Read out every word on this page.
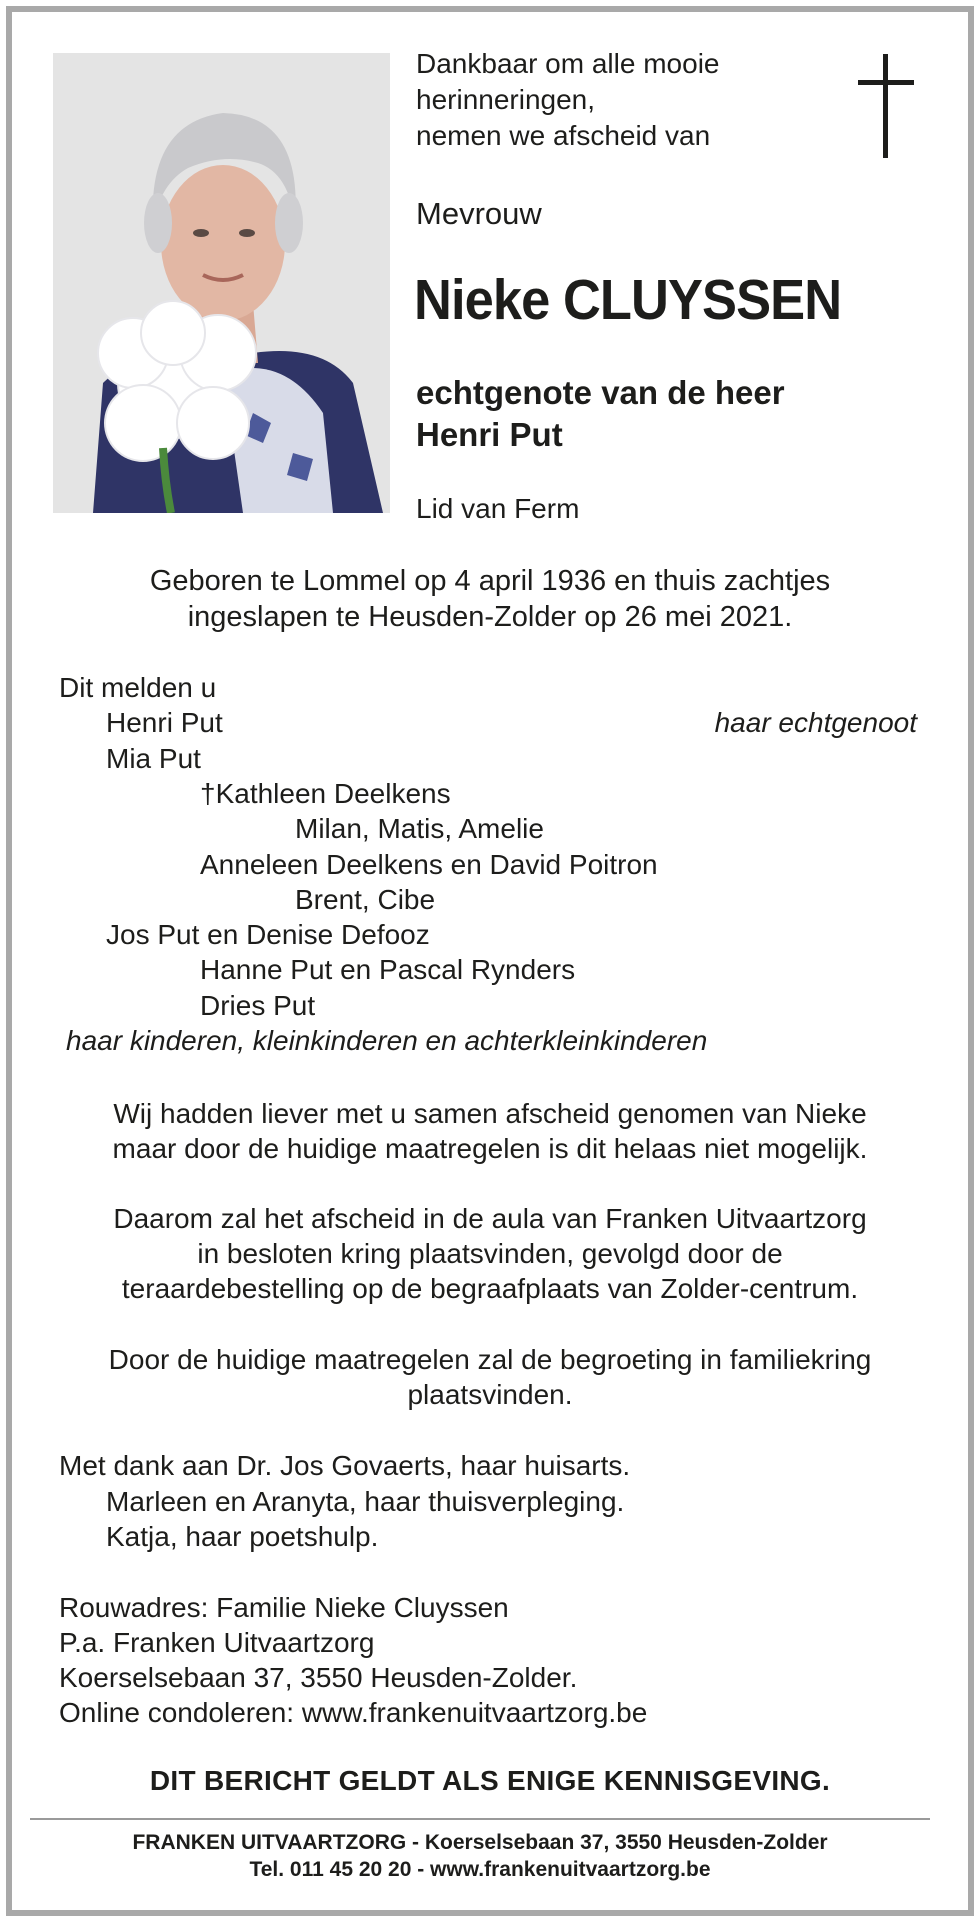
Dankbaar om alle mooie
herinneringen,
nemen we afscheid van
Mevrouw
Nieke CLUYSSEN
echtgenote van de heer
Henri Put
Lid van Ferm
Geboren te Lommel op 4 april 1936 en thuis zachtjes
ingeslapen te Heusden-Zolder op 26 mei 2021.
Dit melden u
Henri Put	haar echtgenoot
Mia Put
†Kathleen Deelkens
Milan, Matis, Amelie
Anneleen Deelkens en David Poitron
Brent, Cibe
Jos Put en Denise Defooz
Hanne Put en Pascal Rynders
Dries Put
haar kinderen, kleinkinderen en achterkleinkinderen
Wij hadden liever met u samen afscheid genomen van Nieke
maar door de huidige maatregelen is dit helaas niet mogelijk.
Daarom zal het afscheid in de aula van Franken Uitvaartzorg
in besloten kring plaatsvinden, gevolgd door de
teraardebestelling op de begraafplaats van Zolder-centrum.
Door de huidige maatregelen zal de begroeting in familiekring
plaatsvinden.
Met dank aan Dr. Jos Govaerts, haar huisarts.
Marleen en Aranyta, haar thuisverpleging.
Katja, haar poetshulp.
Rouwadres: Familie Nieke Cluyssen
P.a. Franken Uitvaartzorg
Koerselsebaan 37, 3550 Heusden-Zolder.
Online condoleren: www.frankenuitvaartzorg.be
DIT BERICHT GELDT ALS ENIGE KENNISGEVING.
FRANKEN UITVAARTZORG - Koerselsebaan 37, 3550 Heusden-Zolder
Tel. 011 45 20 20 - www.frankenuitvaartzorg.be
